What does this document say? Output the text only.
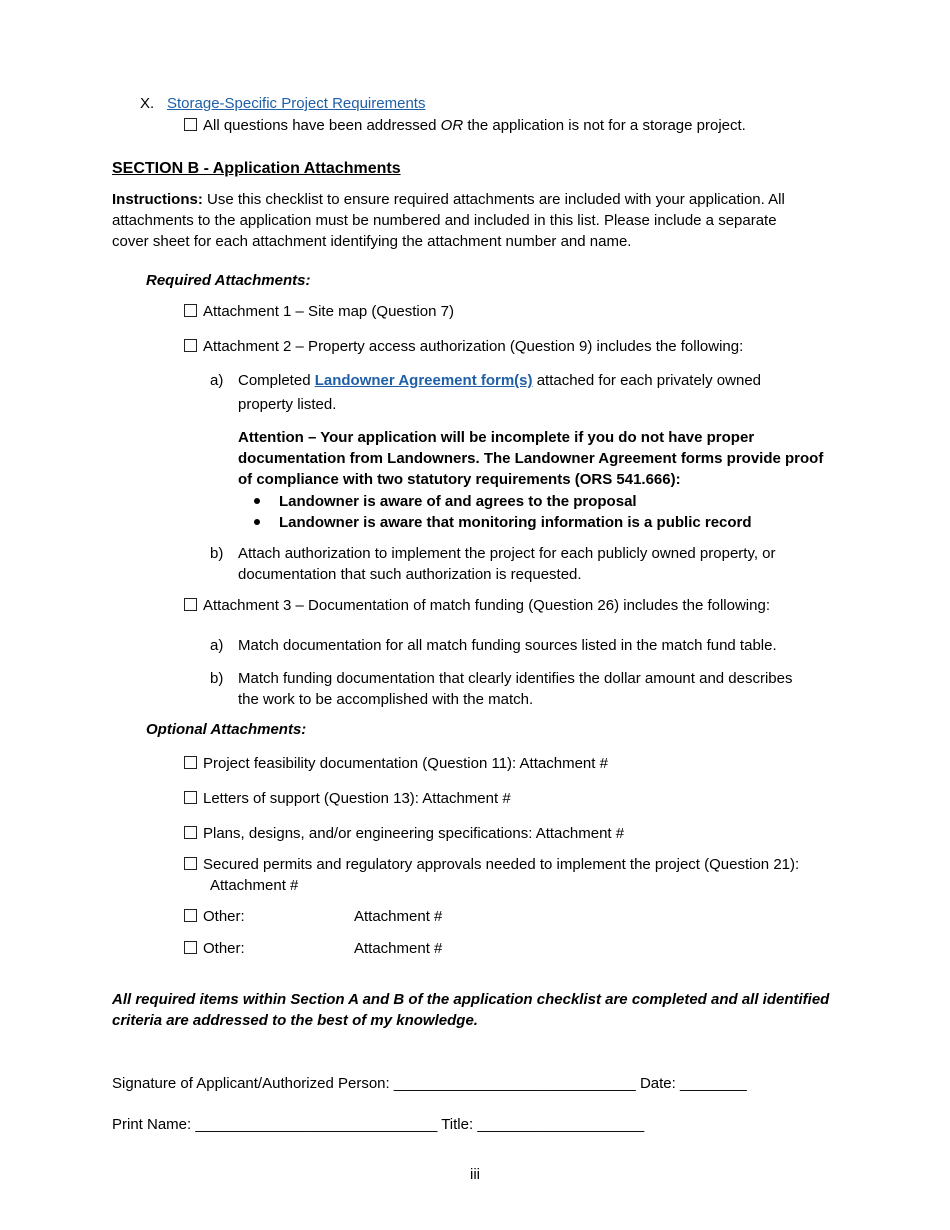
X. Storage-Specific Project Requirements
All questions have been addressed OR the application is not for a storage project.
SECTION B - Application Attachments
Instructions: Use this checklist to ensure required attachments are included with your application. All
attachments to the application must be numbered and included in this list. Please include a separate
cover sheet for each attachment identifying the attachment number and name.
Required Attachments:
Attachment 1 – Site map (Question 7)
Attachment 2 – Property access authorization (Question 9) includes the following:
a) Completed Landowner Agreement form(s) attached for each privately owned
property listed.
Attention – Your application will be incomplete if you do not have proper
documentation from Landowners. The Landowner Agreement forms provide proof
of compliance with two statutory requirements (ORS 541.666):
Landowner is aware of and agrees to the proposal
Landowner is aware that monitoring information is a public record
b) Attach authorization to implement the project for each publicly owned property, or
documentation that such authorization is requested.
Attachment 3 – Documentation of match funding (Question 26) includes the following:
a) Match documentation for all match funding sources listed in the match fund table.
b) Match funding documentation that clearly identifies the dollar amount and describes
the work to be accomplished with the match.
Optional Attachments:
Project feasibility documentation (Question 11): Attachment #
Letters of support (Question 13): Attachment #
Plans, designs, and/or engineering specifications: Attachment #
Secured permits and regulatory approvals needed to implement the project (Question 21):
Attachment #
Other:	Attachment #
Other:	Attachment #
All required items within Section A and B of the application checklist are completed and all identified
criteria are addressed to the best of my knowledge.
Signature of Applicant/Authorized Person: _____________________________ Date: ________
Print Name: _____________________________ Title: ____________________
iii
